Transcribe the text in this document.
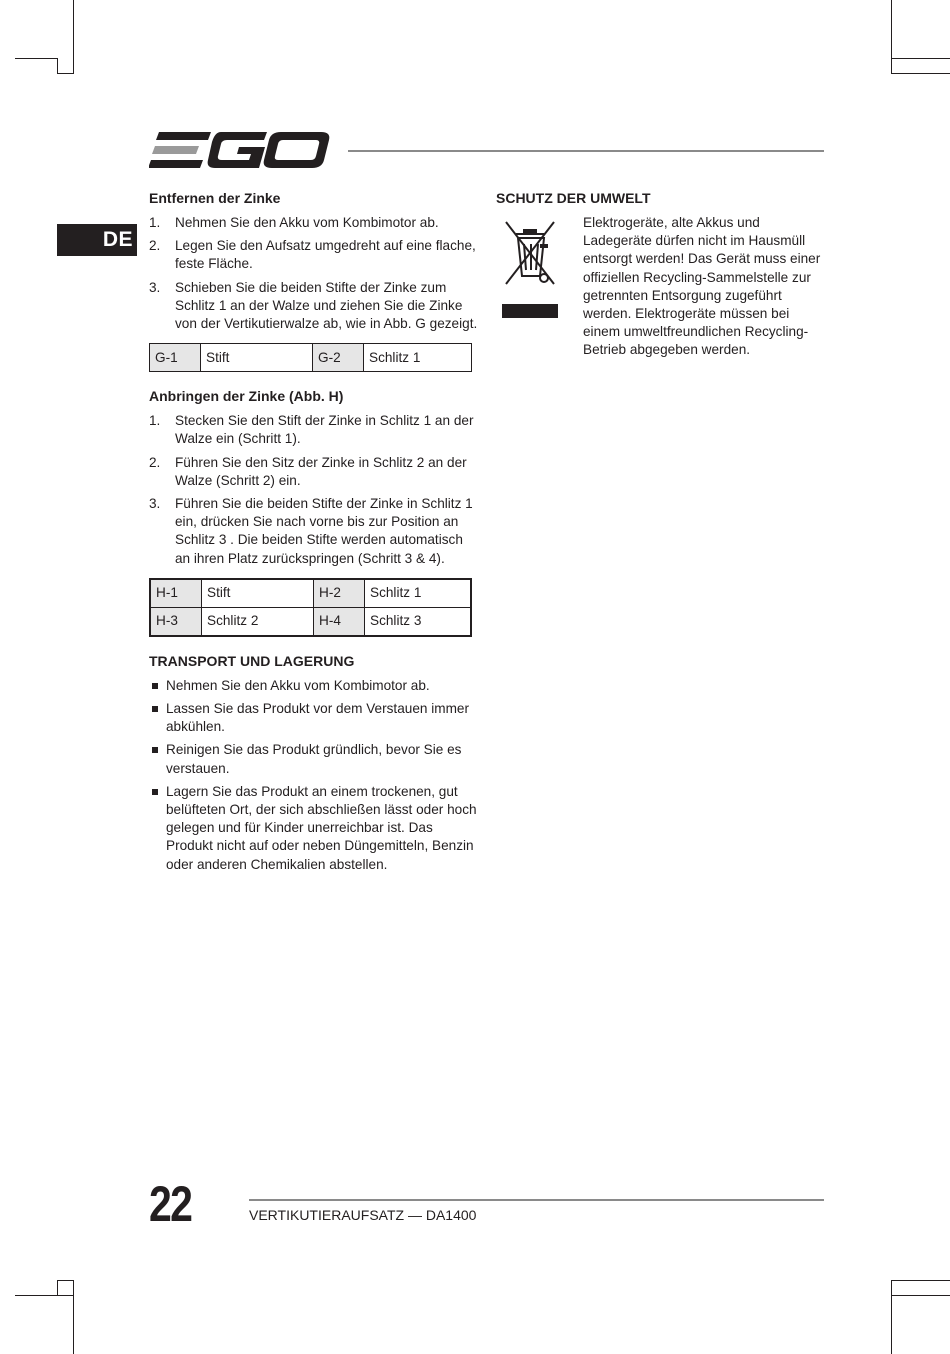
DE
Entfernen der Zinke
1. Nehmen Sie den Akku vom Kombimotor ab.
2. Legen Sie den Aufsatz umgedreht auf eine flache, feste Fläche.
3. Schieben Sie die beiden Stifte der Zinke zum Schlitz 1 an der Walze und ziehen Sie die Zinke von der Vertikutierwalze ab, wie in Abb. G gezeigt.
G-1	Stift	G-2	Schlitz 1
Anbringen der Zinke (Abb. H)
1. Stecken Sie den Stift der Zinke in Schlitz 1 an der Walze ein (Schritt 1).
2. Führen Sie den Sitz der Zinke in Schlitz 2 an der Walze (Schritt 2) ein.
3. Führen Sie die beiden Stifte der Zinke in Schlitz 1 ein, drücken Sie nach vorne bis zur Position an Schlitz 3 . Die beiden Stifte werden automatisch an ihren Platz zurückspringen (Schritt 3 & 4).
H-1	Stift	H-2	Schlitz 1
H-3	Schlitz 2	H-4	Schlitz 3
TRANSPORT UND LAGERUNG
Nehmen Sie den Akku vom Kombimotor ab.
Lassen Sie das Produkt vor dem Verstauen immer abkühlen.
Reinigen Sie das Produkt gründlich, bevor Sie es verstauen.
Lagern Sie das Produkt an einem trockenen, gut belüfteten Ort, der sich abschließen lässt oder hoch gelegen und für Kinder unerreichbar ist. Das Produkt nicht auf oder neben Düngemitteln, Benzin oder anderen Chemikalien abstellen.
SCHUTZ DER UMWELT
Elektrogeräte, alte Akkus und Ladegeräte dürfen nicht im Hausmüll entsorgt werden! Das Gerät muss einer offiziellen Recycling-Sammelstelle zur getrennten Entsorgung zugeführt werden. Elektrogeräte müssen bei einem umweltfreundlichen Recycling-Betrieb abgegeben werden.
22	VERTIKUTIERAUFSATZ — DA1400
